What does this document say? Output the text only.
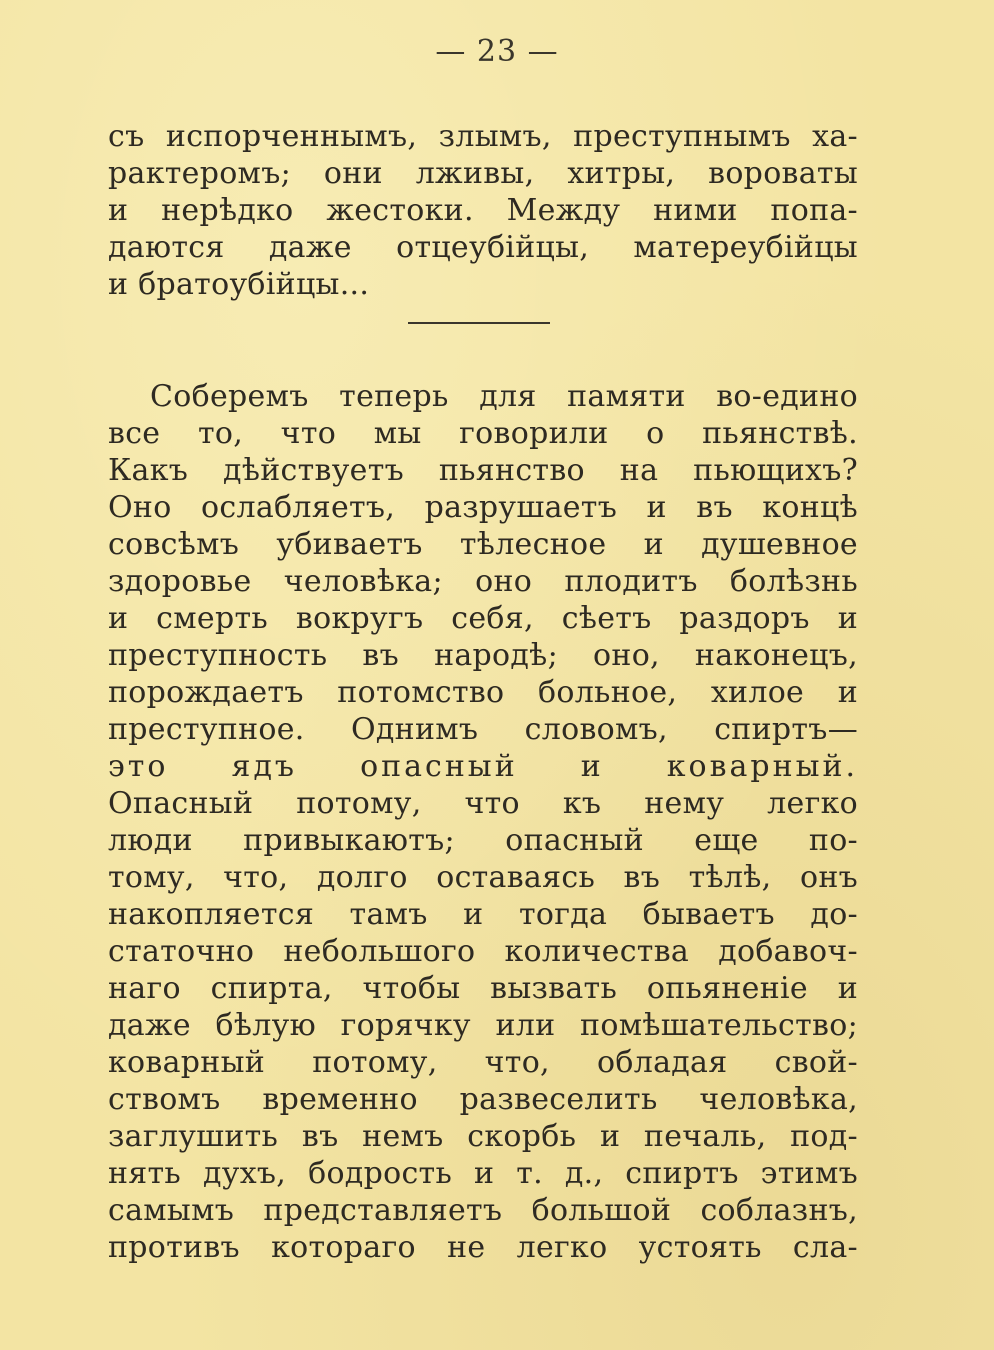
— 23 —
съ испорченнымъ, злымъ, преступнымъ ха-
рактеромъ; они лживы, хитры, вороваты
и нерѣдко жестоки. Между ними попа-
даются даже отцеубійцы, матереубійцы
и братоубійцы...
Соберемъ теперь для памяти во-едино
все то, что мы говорили о пьянствѣ.
Какъ дѣйствуетъ пьянство на пьющихъ?
Оно ослабляетъ, разрушаетъ и въ концѣ
совсѣмъ убиваетъ тѣлесное и душевное
здоровье человѣка; оно плодитъ болѣзнь
и смерть вокругъ себя, сѣетъ раздоръ и
преступность въ народѣ; оно, наконецъ,
порождаетъ потомство больное, хилое и
преступное. Однимъ словомъ, спиртъ—
это ядъ опасный и коварный.
Опасный потому, что къ нему легко
люди привыкаютъ; опасный еще по-
тому, что, долго оставаясь въ тѣлѣ, онъ
накопляется тамъ и тогда бываетъ до-
статочно небольшого количества добавоч-
наго спирта, чтобы вызвать опьяненіе и
даже бѣлую горячку или помѣшательство;
коварный потому, что, обладая свой-
ствомъ временно развеселить человѣка,
заглушить въ немъ скорбь и печаль, под-
нять духъ, бодрость и т. д., спиртъ этимъ
самымъ представляетъ большой соблазнъ,
противъ котораго не легко устоять сла-
